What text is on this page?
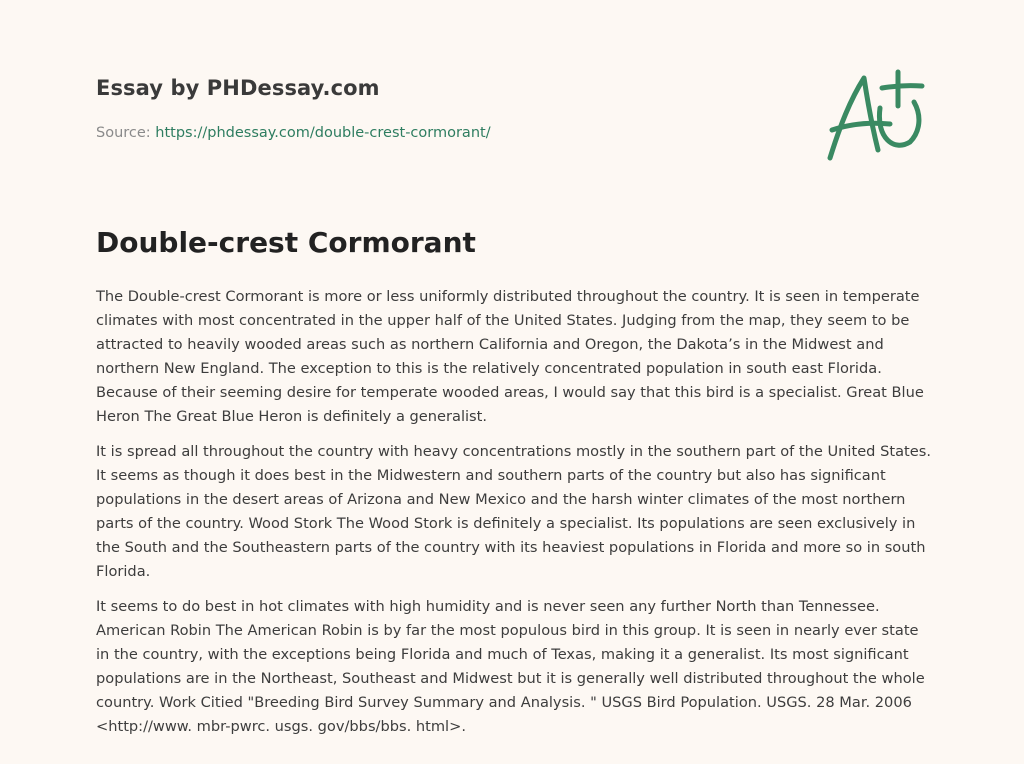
Essay by PHDessay.com
Source: https://phdessay.com/double-crest-cormorant/
Double-crest Cormorant

The Double-crest Cormorant is more or less uniformly distributed throughout the country. It is seen in temperate climates with most concentrated in the upper half of the United States. Judging from the map, they seem to be attracted to heavily wooded areas such as northern California and Oregon, the Dakota’s in the Midwest and northern New England. The exception to this is the relatively concentrated population in south east Florida. Because of their seeming desire for temperate wooded areas, I would say that this bird is a specialist. Great Blue Heron The Great Blue Heron is definitely a generalist.

It is spread all throughout the country with heavy concentrations mostly in the southern part of the United States. It seems as though it does best in the Midwestern and southern parts of the country but also has significant populations in the desert areas of Arizona and New Mexico and the harsh winter climates of the most northern parts of the country. Wood Stork The Wood Stork is definitely a specialist. Its populations are seen exclusively in the South and the Southeastern parts of the country with its heaviest populations in Florida and more so in south Florida.

It seems to do best in hot climates with high humidity and is never seen any further North than Tennessee. American Robin The American Robin is by far the most populous bird in this group. It is seen in nearly ever state in the country, with the exceptions being Florida and much of Texas, making it a generalist. Its most significant populations are in the Northeast, Southeast and Midwest but it is generally well distributed throughout the whole country. Work Citied "Breeding Bird Survey Summary and Analysis. " USGS Bird Population. USGS. 28 Mar. 2006 <http://www. mbr-pwrc. usgs. gov/bbs/bbs. html>.
